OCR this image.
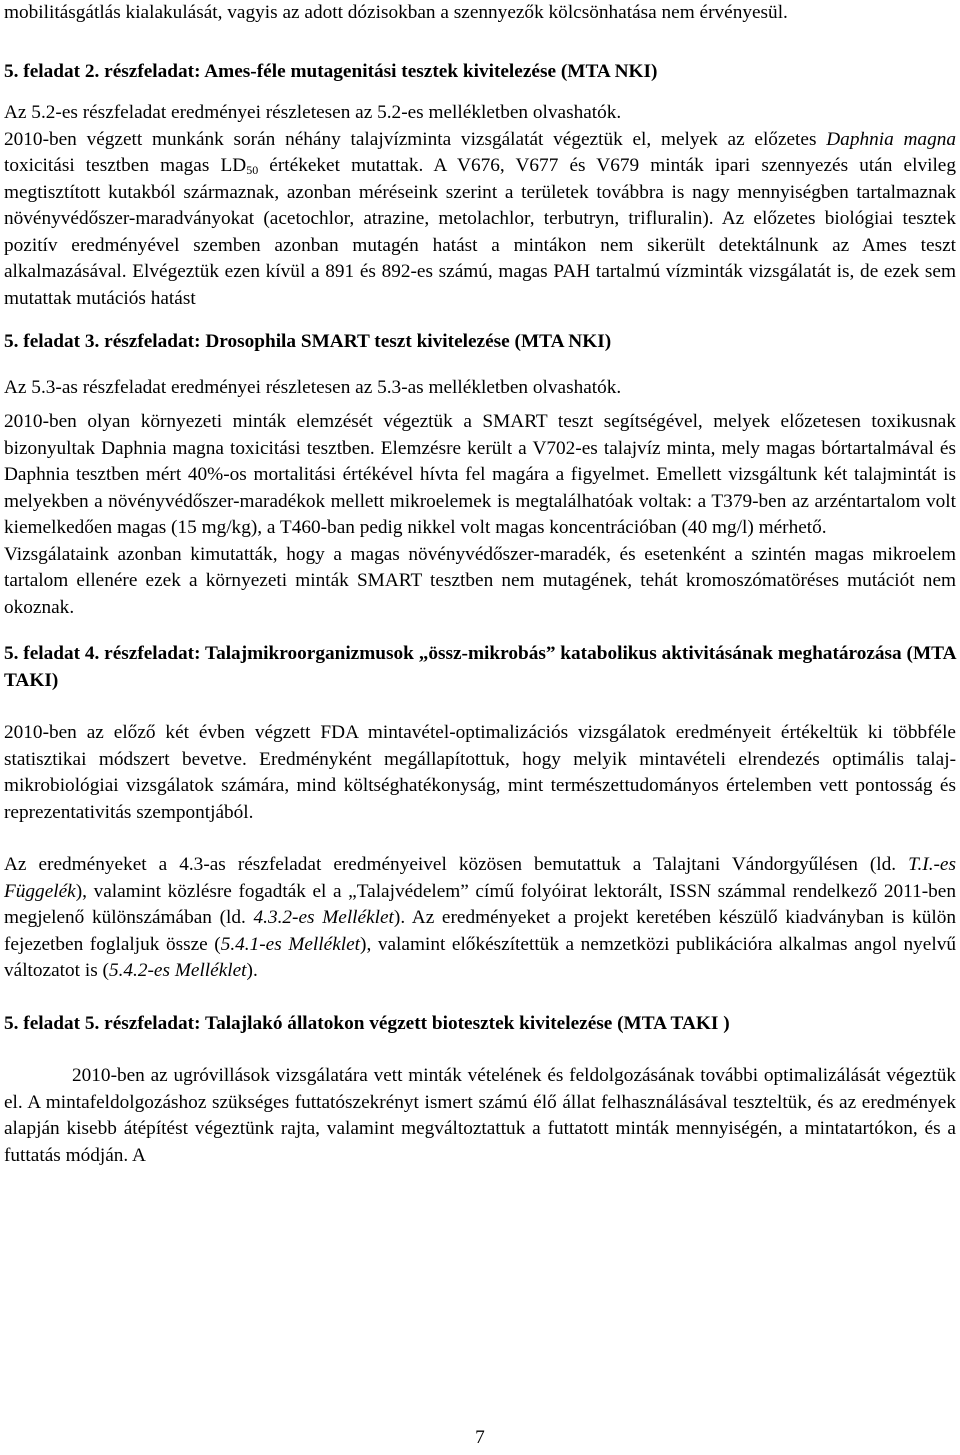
mobilitásgátlás kialakulását, vagyis az adott dózisokban a szennyezők kölcsönhatása nem érvényesül.

5. feladat 2. részfeladat: Ames-féle mutagenitási tesztek kivitelezése (MTA NKI)

Az 5.2-es részfeladat eredményei részletesen az 5.2-es mellékletben olvashatók.

2010-ben végzett munkánk során néhány talajvízminta vizsgálatát végeztük el, melyek az előzetes Daphnia magna toxicitási tesztben magas $LD_{50}$ értékeket mutattak. A V676, V677 és V679 minták ipari szennyezés után elvileg megtisztított kutakból származnak, azonban méréseink szerint a területek továbbra is nagy mennyiségben tartalmaznak növényvédőszer-maradványokat (acetochlor, atrazine, metolachlor, terbutryn, trifluralin). Az előzetes biológiai tesztek pozitív eredményével szemben azonban mutagén hatást a mintákon nem sikerült detektálnunk az Ames teszt alkalmazásával. Elvégeztük ezen kívül a 891 és 892-es számú, magas PAH tartalmú vízminták vizsgálatát is, de ezek sem mutattak mutációs hatást

5. feladat 3. részfeladat: Drosophila SMART teszt kivitelezése (MTA NKI)

Az 5.3-as részfeladat eredményei részletesen az 5.3-as mellékletben olvashatók.

2010-ben olyan környezeti minták elemzését végeztük a SMART teszt segítségével, melyek előzetesen toxikusnak bizonyultak Daphnia magna toxicitási tesztben. Elemzésre került a V702-es talajvíz minta, mely magas bórtartalmával és Daphnia tesztben mért 40%-os mortalitási értékével hívta fel magára a figyelmet. Emellett vizsgáltunk két talajmintát is melyekben a növényvédőszer-maradékok mellett mikroelemek is megtalálhatóak voltak: a T379-ben az arzéntartalom volt kiemelkedően magas (15 mg/kg), a T460-ban pedig nikkel volt magas koncentrációban (40 mg/l) mérhető.

Vizsgálataink azonban kimutatták, hogy a magas növényvédőszer-maradék, és esetenként a szintén magas mikroelem tartalom ellenére ezek a környezeti minták SMART tesztben nem mutagének, tehát kromoszómatöréses mutációt nem okoznak.

5. feladat 4. részfeladat: Talajmikroorganizmusok „össz-mikrobás” katabolikus aktivitásának meghatározása (MTA TAKI)

2010-ben az előző két évben végzett FDA mintavétel-optimalizációs vizsgálatok eredményeit értékeltük ki többféle statisztikai módszert bevetve. Eredményként megállapítottuk, hogy melyik mintavételi elrendezés optimális talaj-mikrobiológiai vizsgálatok számára, mind költséghatékonyság, mint természettudományos értelemben vett pontosság és reprezentativitás szempontjából.

Az eredményeket a 4.3-as részfeladat eredményeivel közösen bemutattuk a Talajtani Vándorgyűlésen (ld. T.I.-es Függelék), valamint közlésre fogadták el a „Talajvédelem” című folyóirat lektorált, ISSN számmal rendelkező 2011-ben megjelenő különszámában (ld. 4.3.2-es Melléklet). Az eredményeket a projekt keretében készülő kiadványban is külön fejezetben foglaljuk össze (5.4.1-es Melléklet), valamint előkészítettük a nemzetközi publikációra alkalmas angol nyelvű változatot is (5.4.2-es Melléklet).

5. feladat 5. részfeladat: Talajlakó állatokon végzett biotesztek kivitelezése (MTA TAKI )

2010-ben az ugróvillások vizsgálatára vett minták vételének és feldolgozásának további optimalizálását végeztük el. A mintafeldolgozáshoz szükséges futtatószekrényt ismert számú élő állat felhasználásával teszteltük, és az eredmények alapján kisebb átépítést végeztünk rajta, valamint megváltoztattuk a futtatott minták mennyiségén, a mintatartókon, és a futtatás módján. A

7
